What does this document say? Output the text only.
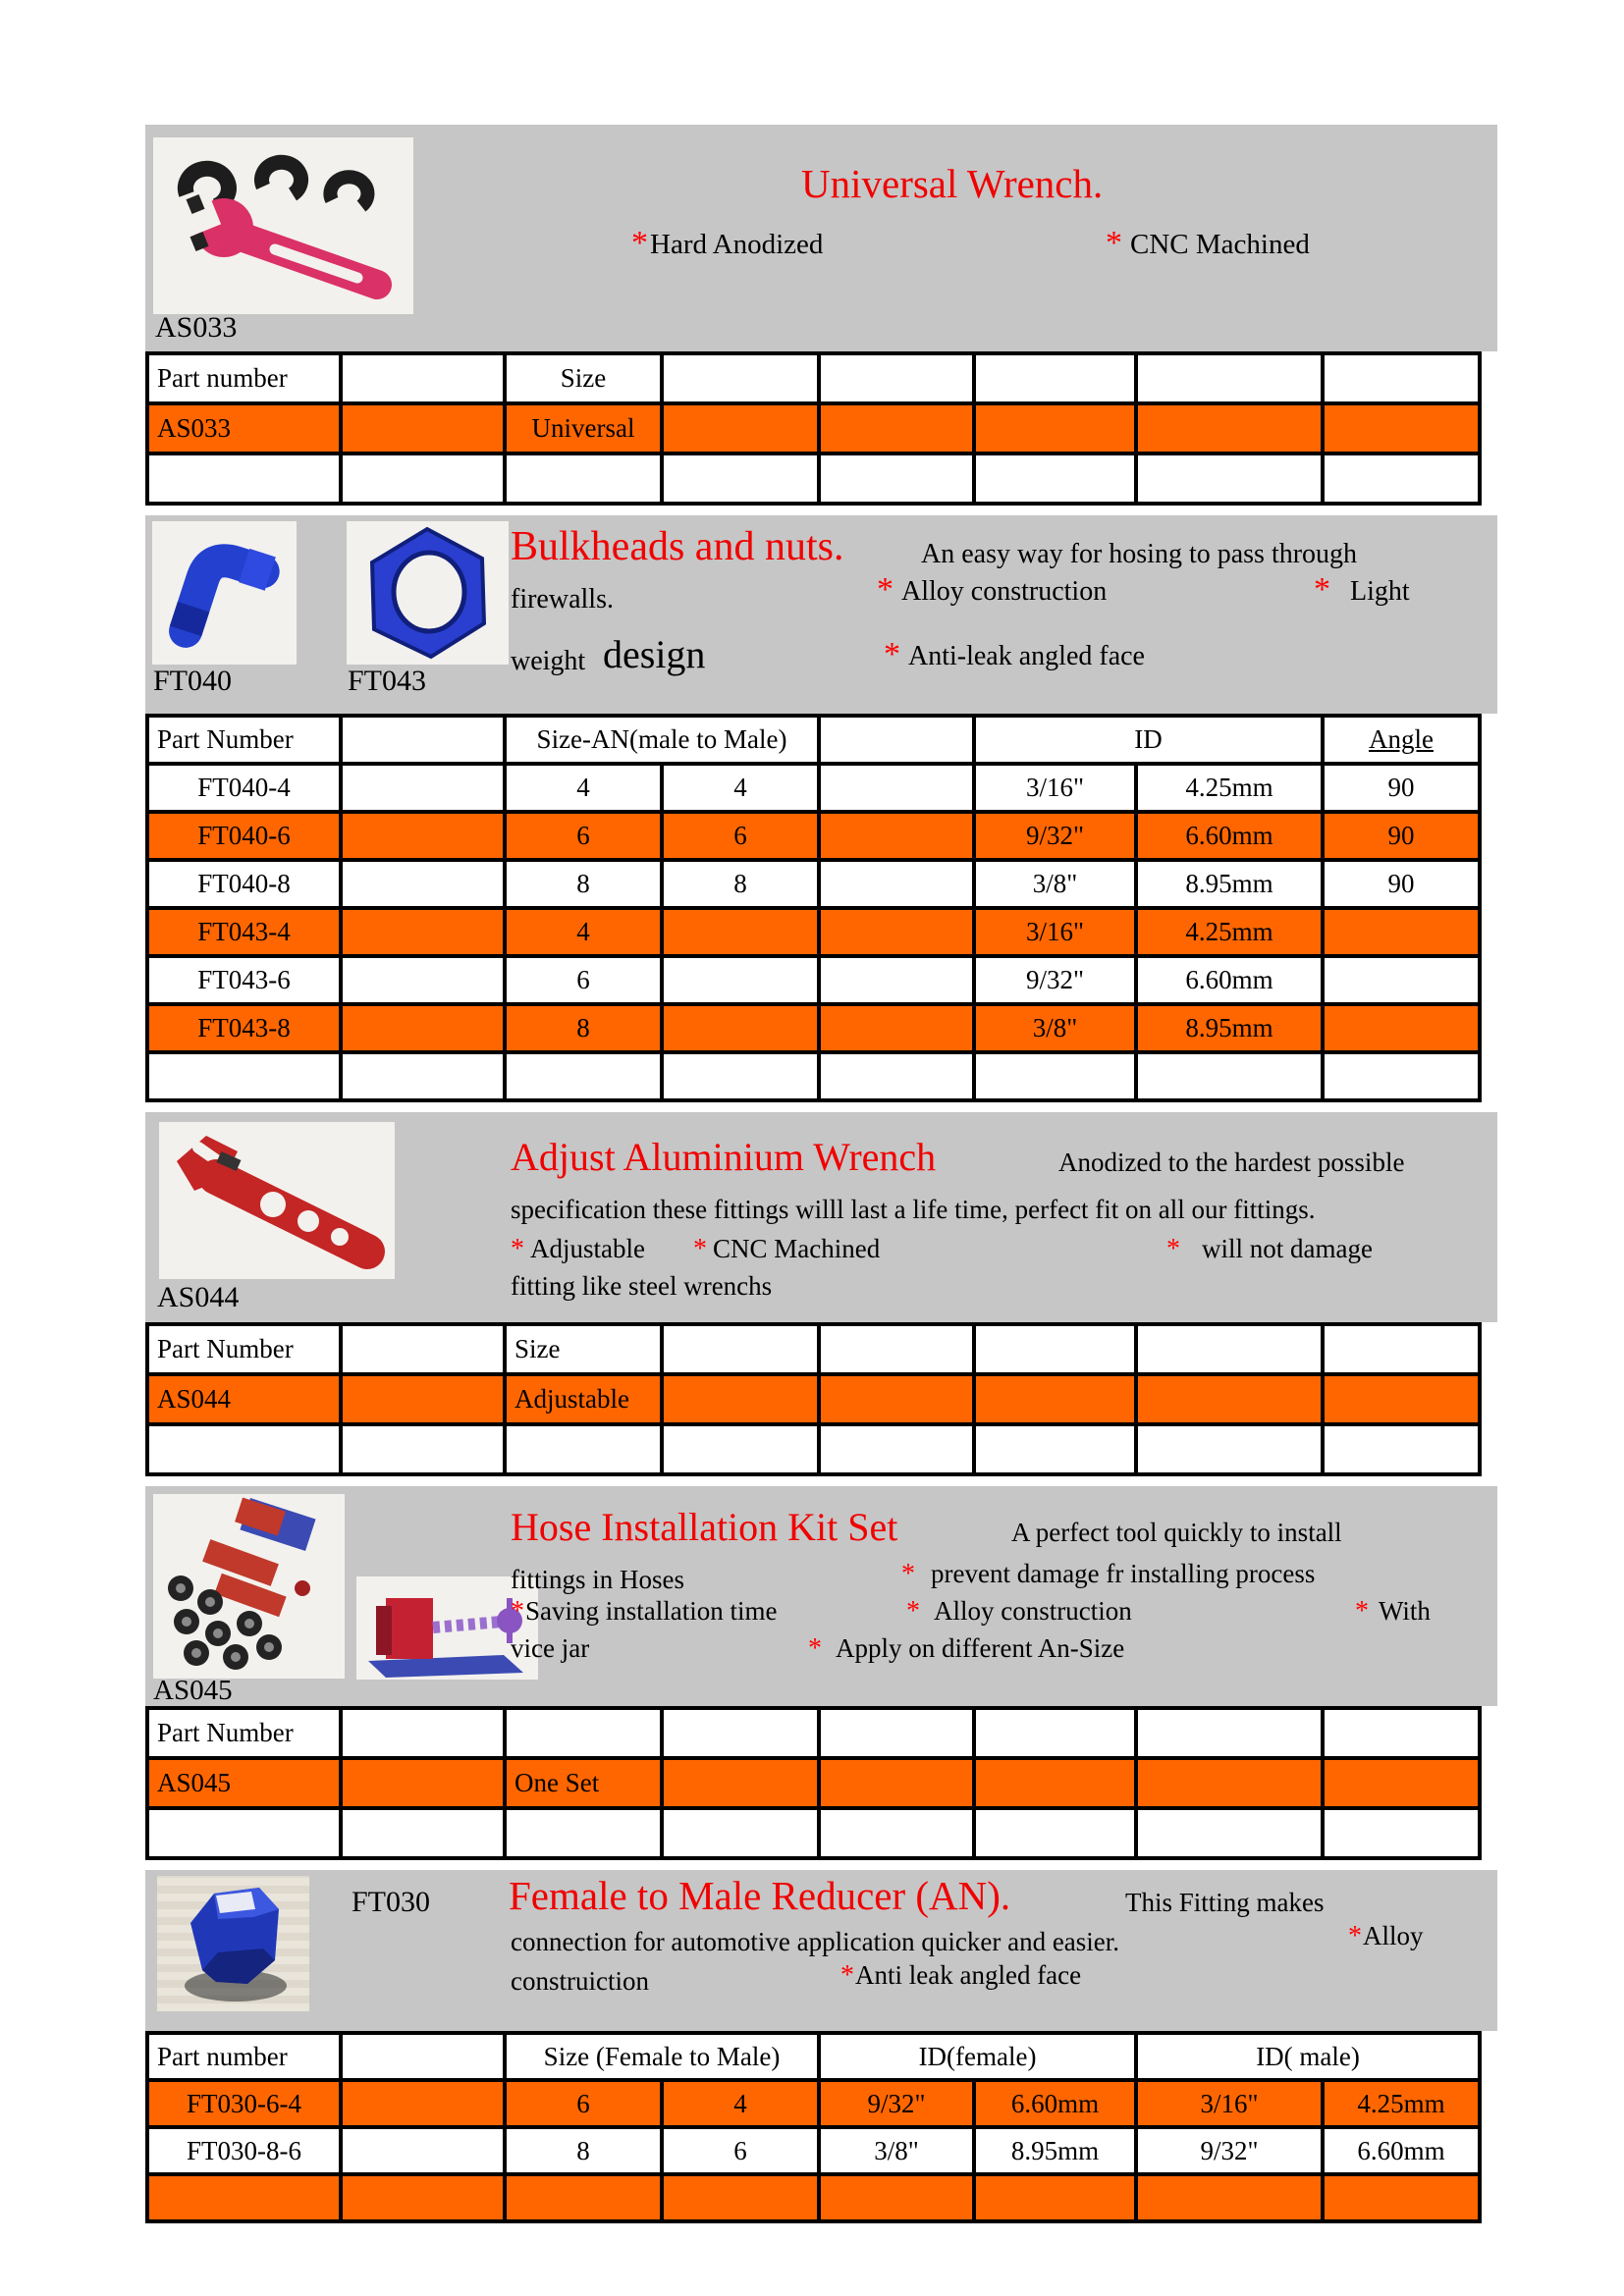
AS033
Universal Wrench.
*Hard Anodized	* CNC Machined
Part number		Size					
AS033		Universal					

FT040	FT043
Bulkheads and nuts.	An easy way for hosing to pass through
firewalls.	* Alloy construction	* Light
weight design	* Anti-leak angled face
Part Number		Size-AN(male to Male)			ID		Angle
FT040-4		4	4		3/16"	4.25mm	90
FT040-6		6	6		9/32"	6.60mm	90
FT040-8		8	8		3/8"	8.95mm	90
FT043-4		4			3/16"	4.25mm	
FT043-6		6			9/32"	6.60mm	
FT043-8		8			3/8"	8.95mm	

AS044
Adjust Aluminium Wrench	Anodized to the hardest possible
specification these fittings willl last a life time, perfect fit on all our fittings.
* Adjustable * CNC Machined	* will not damage
fitting like steel wrenchs
Part Number		Size					
AS044		Adjustable					

AS045
Hose Installation Kit Set	A perfect tool quickly to install
fittings in Hoses	* prevent damage fr installing process
*Saving installation time	* Alloy construction	* With
vice jar	* Apply on different An-Size
Part Number							
AS045		One Set					

FT030 Female to Male Reducer (AN).	This Fitting makes
connection for automotive application quicker and easier.	*Alloy
construiction	*Anti leak angled face
Part number		Size (Female to Male)		ID(female)		ID( male)	
FT030-6-4		6	4	9/32"	6.60mm	3/16"	4.25mm
FT030-8-6		8	6	3/8"	8.95mm	9/32"	6.60mm
